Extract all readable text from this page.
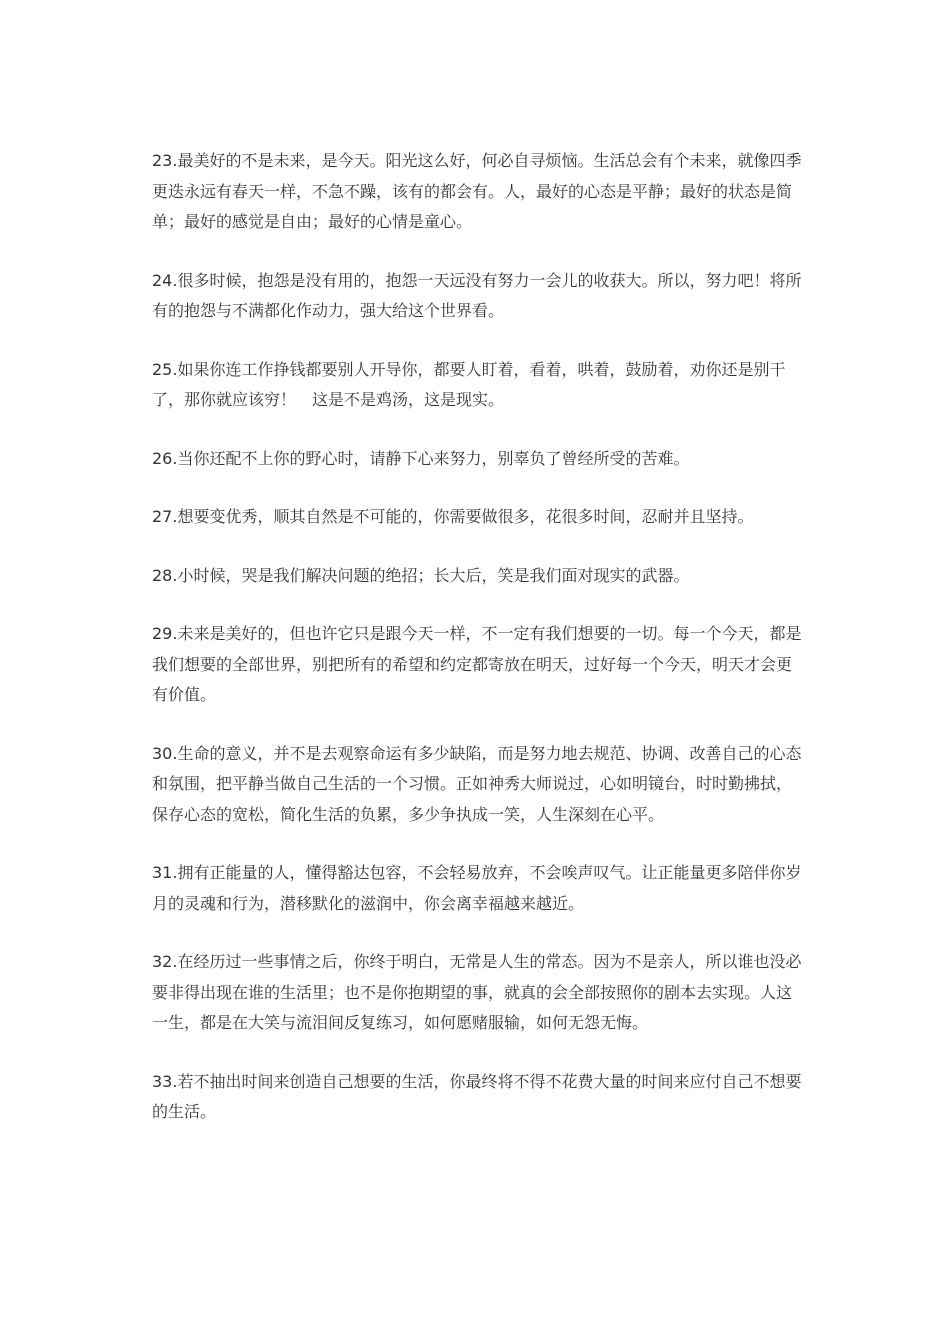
23.最美好的不是未来，是今天。阳光这么好，何必自寻烦恼。生活总会有个未来，就像四季更迭永远有春天一样，不急不躁，该有的都会有。人，最好的心态是平静；最好的状态是简单；最好的感觉是自由；最好的心情是童心。

24.很多时候，抱怨是没有用的，抱怨一天远没有努力一会儿的收获大。所以，努力吧！将所有的抱怨与不满都化作动力，强大给这个世界看。

25.如果你连工作挣钱都要别人开导你，都要人盯着，看着，哄着，鼓励着，劝你还是别干了，那你就应该穷！　这是不是鸡汤，这是现实。

26.当你还配不上你的野心时，请静下心来努力，别辜负了曾经所受的苦难。

27.想要变优秀，顺其自然是不可能的，你需要做很多，花很多时间，忍耐并且坚持。

28.小时候，哭是我们解决问题的绝招；长大后，笑是我们面对现实的武器。

29.未来是美好的，但也许它只是跟今天一样，不一定有我们想要的一切。每一个今天，都是我们想要的全部世界，别把所有的希望和约定都寄放在明天，过好每一个今天，明天才会更有价值。

30.生命的意义，并不是去观察命运有多少缺陷，而是努力地去规范、协调、改善自己的心态和氛围，把平静当做自己生活的一个习惯。正如神秀大师说过，心如明镜台，时时勤拂拭，保存心态的宽松，简化生活的负累，多少争执成一笑，人生深刻在心平。

31.拥有正能量的人，懂得豁达包容，不会轻易放弃，不会唉声叹气。让正能量更多陪伴你岁月的灵魂和行为，潜移默化的滋润中，你会离幸福越来越近。

32.在经历过一些事情之后，你终于明白，无常是人生的常态。因为不是亲人，所以谁也没必要非得出现在谁的生活里；也不是你抱期望的事，就真的会全部按照你的剧本去实现。人这一生，都是在大笑与流泪间反复练习，如何愿赌服输，如何无怨无悔。

33.若不抽出时间来创造自己想要的生活，你最终将不得不花费大量的时间来应付自己不想要的生活。
